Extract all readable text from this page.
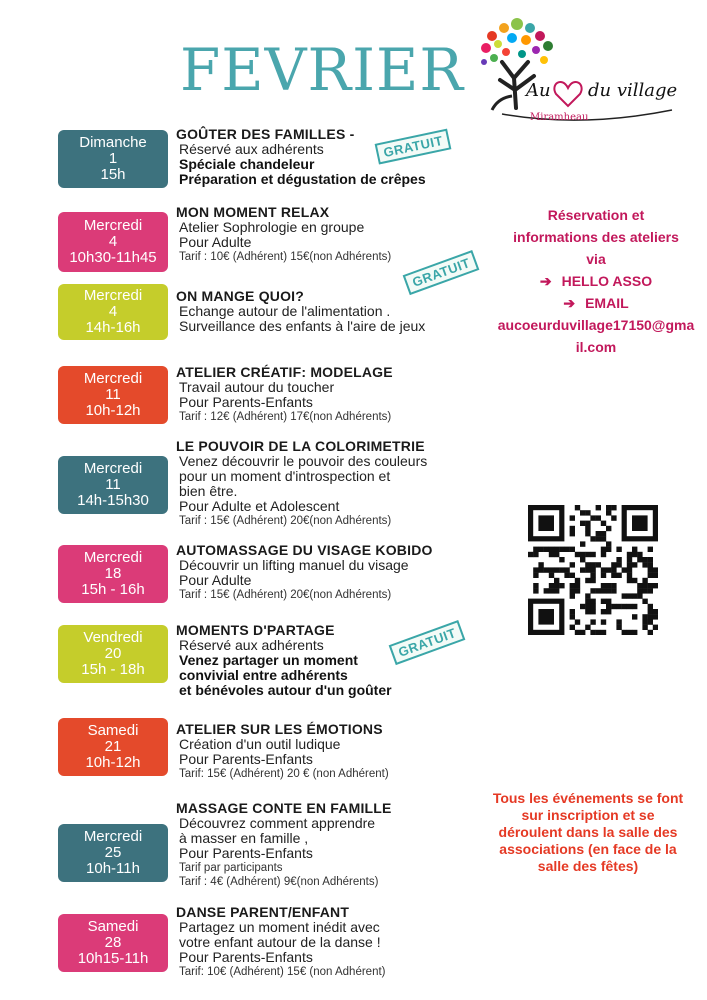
FEVRIER	Au du village
Miramheau
Dimanche
1
15h
GOÛTER DES FAMILLES -
Réservé aux adhérents
Spéciale chandeleur
Préparation et dégustation de crêpes
GRATUIT
Mercredi
4
10h30-11h45
MON MOMENT RELAX
Atelier Sophrologie en groupe
Pour Adulte
Tarif : 10€ (Adhérent) 15€(non Adhérents)
Mercredi
4
14h-16h
ON MANGE QUOI?
Echange autour de l'alimentation .
Surveillance des enfants à l'aire de jeux
GRATUIT
Mercredi
11
10h-12h
ATELIER CRÉATIF: MODELAGE
Travail autour du toucher
Pour Parents-Enfants
Tarif : 12€ (Adhérent) 17€(non Adhérents)
Mercredi
11
14h-15h30
LE POUVOIR DE LA COLORIMETRIE
Venez découvrir le pouvoir des couleurs
pour un moment d'introspection et
bien être.
Pour Adulte et Adolescent
Tarif : 15€ (Adhérent) 20€(non Adhérents)
Mercredi
18
15h - 16h
AUTOMASSAGE DU VISAGE KOBIDO
Découvrir un lifting manuel du visage
Pour Adulte
Tarif : 15€ (Adhérent) 20€(non Adhérents)
Vendredi
20
15h - 18h
MOMENTS D'PARTAGE
Réservé aux adhérents
Venez partager un moment
convivial entre adhérents
et bénévoles autour d'un goûter
GRATUIT
Samedi
21
10h-12h
ATELIER SUR LES ÉMOTIONS
Création d'un outil ludique
Pour Parents-Enfants
Tarif: 15€ (Adhérent) 20 € (non Adhérent)
Mercredi
25
10h-11h
MASSAGE CONTE EN FAMILLE
Découvrez comment apprendre
à masser en famille ,
Pour Parents-Enfants
Tarif par participants
Tarif : 4€ (Adhérent) 9€(non Adhérents)
Samedi
28
10h15-11h
DANSE PARENT/ENFANT
Partagez un moment inédit avec
votre enfant autour de la danse !
Pour Parents-Enfants
Tarif: 10€ (Adhérent) 15€ (non Adhérent)
Réservation et
informations des ateliers
via
➔ HELLO ASSO
➔ EMAIL
aucoeurduvillage17150@gmail.com
Tous les événements se font sur inscription et se déroulent dans la salle des associations (en face de la salle des fêtes)
